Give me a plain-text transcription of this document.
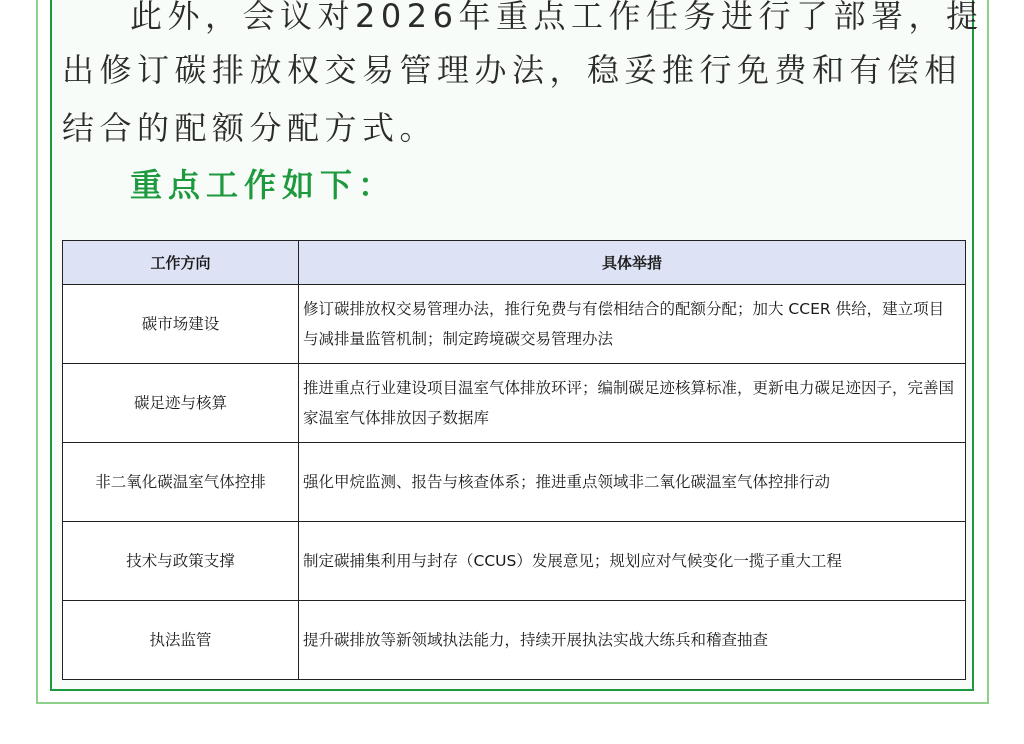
此外，会议对2026年重点工作任务进行了部署，提

出修订碳排放权交易管理办法，稳妥推行免费和有偿相

结合的配额分配方式。

重点工作如下：
工作方向	具体举措
碳市场建设	修订碳排放权交易管理办法，推行免费与有偿相结合的配额分配；加大 CCER 供给，建立项目与减排量监管机制；制定跨境碳交易管理办法
碳足迹与核算	推进重点行业建设项目温室气体排放环评；编制碳足迹核算标准，更新电力碳足迹因子，完善国家温室气体排放因子数据库
非二氧化碳温室气体控排	强化甲烷监测、报告与核查体系；推进重点领域非二氧化碳温室气体控排行动
技术与政策支撑	制定碳捕集利用与封存（CCUS）发展意见；规划应对气候变化一揽子重大工程
执法监管	提升碳排放等新领域执法能力，持续开展执法实战大练兵和稽查抽查
